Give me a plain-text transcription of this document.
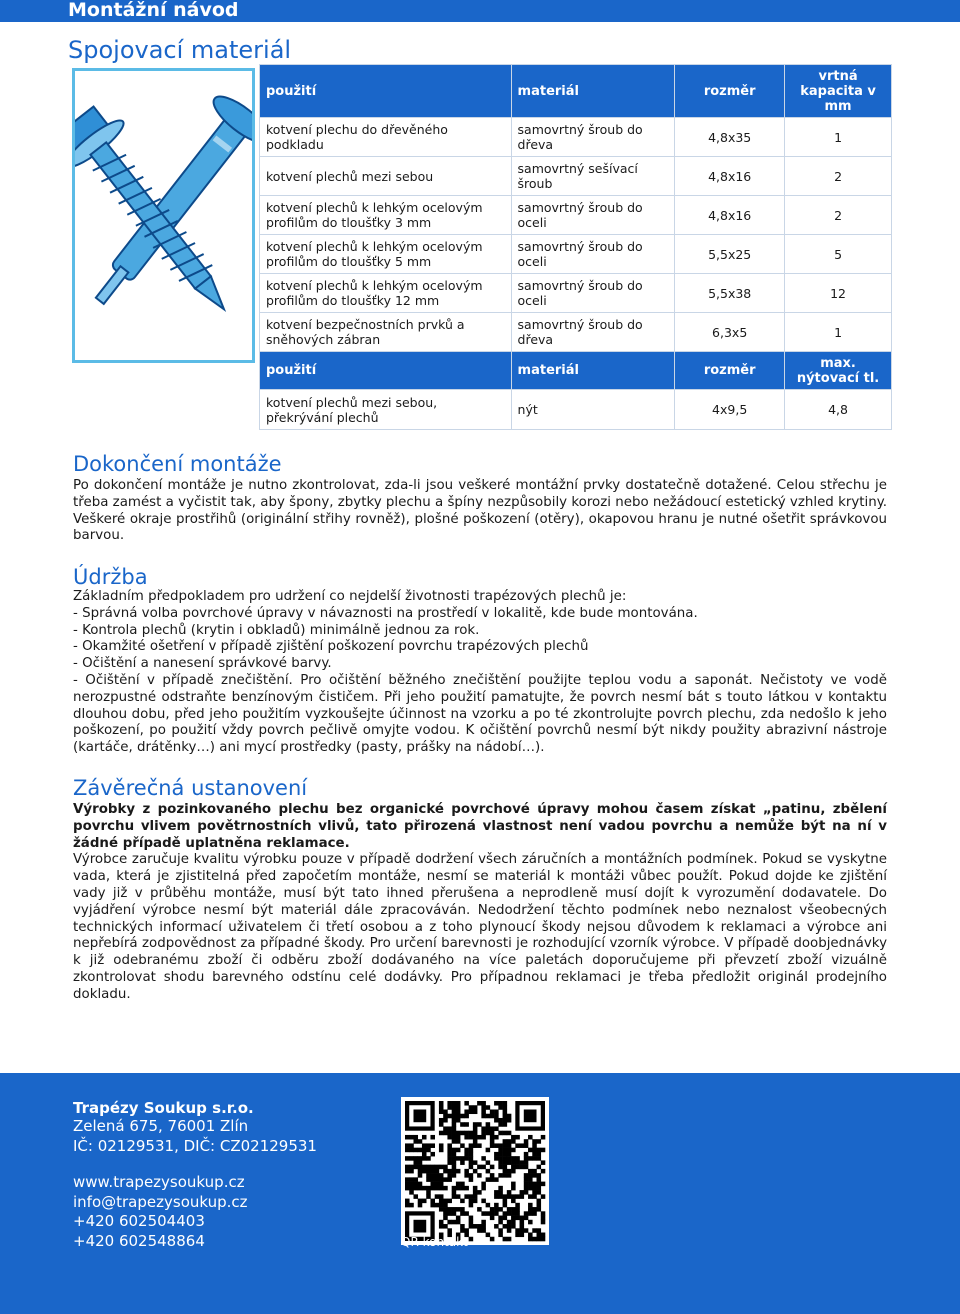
Montážní návod
Spojovací materiál
použití	materiál	rozměr	vrtná kapacita v mm
kotvení plechu do dřevěného podkladu	samovrtný šroub do dřeva	4,8x35	1
kotvení plechů mezi sebou	samovrtný sešívací šroub	4,8x16	2
kotvení plechů k lehkým ocelovým profilům do tloušťky 3 mm	samovrtný šroub do oceli	4,8x16	2
kotvení plechů k lehkým ocelovým profilům do tloušťky 5 mm	samovrtný šroub do oceli	5,5x25	5
kotvení plechů k lehkým ocelovým profilům do tloušťky 12 mm	samovrtný šroub do oceli	5,5x38	12
kotvení bezpečnostních prvků a sněhových zábran	samovrtný šroub do dřeva	6,3x5	1
použití	materiál	rozměr	max. nýtovací tl.
kotvení plechů mezi sebou, překrývání plechů	nýt	4x9,5	4,8
Dokončení montáže

Po dokončení montáže je nutno zkontrolovat, zda-li jsou veškeré montážní prvky dostatečně dotažené. Celou střechu je třeba zamést a vyčistit tak, aby špony, zbytky plechu a špíny nezpůsobily korozi nebo nežádoucí estetický vzhled krytiny. Veškeré okraje prostřihů (originální střihy rovněž), plošné poškození (otěry), okapovou hranu je nutné ošetřit správkovou barvou.

Údržba

Základním předpokladem pro udržení co nejdelší životnosti trapézových plechů je:

- Správná volba povrchové úpravy v návaznosti na prostředí v lokalitě, kde bude montována.

- Kontrola plechů (krytin i obkladů) minimálně jednou za rok.

- Okamžité ošetření v případě zjištění poškození povrchu trapézových plechů

- Očištění a nanesení správkové barvy.

- Očištění v případě znečištění. Pro očištění běžného znečištění použijte teplou vodu a saponát. Nečistoty ve vodě nerozpustné odstraňte benzínovým čističem. Při jeho použití pamatujte, že povrch nesmí bát s touto látkou v kontaktu dlouhou dobu, před jeho použitím vyzkoušejte účinnost na vzorku a po té zkontrolujte povrch plechu, zda nedošlo k jeho poškození, po použití vždy povrch pečlivě omyjte vodou. K očištění povrchů nesmí být nikdy použity abrazivní nástroje (kartáče, drátěnky…) ani mycí prostředky (pasty, prášky na nádobí…).

Závěrečná ustanovení

Výrobky z pozinkovaného plechu bez organické povrchové úpravy mohou časem získat „patinu, zbělení povrchu vlivem povětrnostních vlivů, tato přirozená vlastnost není vadou povrchu a nemůže být na ní v žádné případě uplatněna reklamace.

Výrobce zaručuje kvalitu výrobku pouze v případě dodržení všech záručních a montážních podmínek. Pokud se vyskytne vada, která je zjistitelná před započetím montáže, nesmí se materiál k montáži vůbec použít. Pokud dojde ke zjištění vady již v průběhu montáže, musí být tato ihned přerušena a neprodleně musí dojít k vyrozumění dodavatele. Do vyjádření výrobce nesmí být materiál dále zpracováván. Nedodržení těchto podmínek nebo neznalost všeobecných technických informací uživatelem či třetí osobou a z toho plynoucí škody nejsou důvodem k reklamaci a výrobce ani nepřebírá zodpovědnost za případné škody. Pro určení barevnosti je rozhodující vzorník výrobce. V případě doobjednávky k již odebranému zboží či odběru zboží dodávaného na více paletách doporučujeme při převzetí zboží vizuálně zkontrolovat shodu barevného odstínu celé dodávky. Pro případnou reklamaci je třeba předložit originál prodejního dokladu.

Trapézy Soukup s.r.o.
Zelená 675, 76001 Zlín
IČ: 02129531, DIČ: CZ02129531
www.trapezysoukup.cz
info@trapezysoukup.cz
+420 602504403
+420 602548864	QR kontakt
